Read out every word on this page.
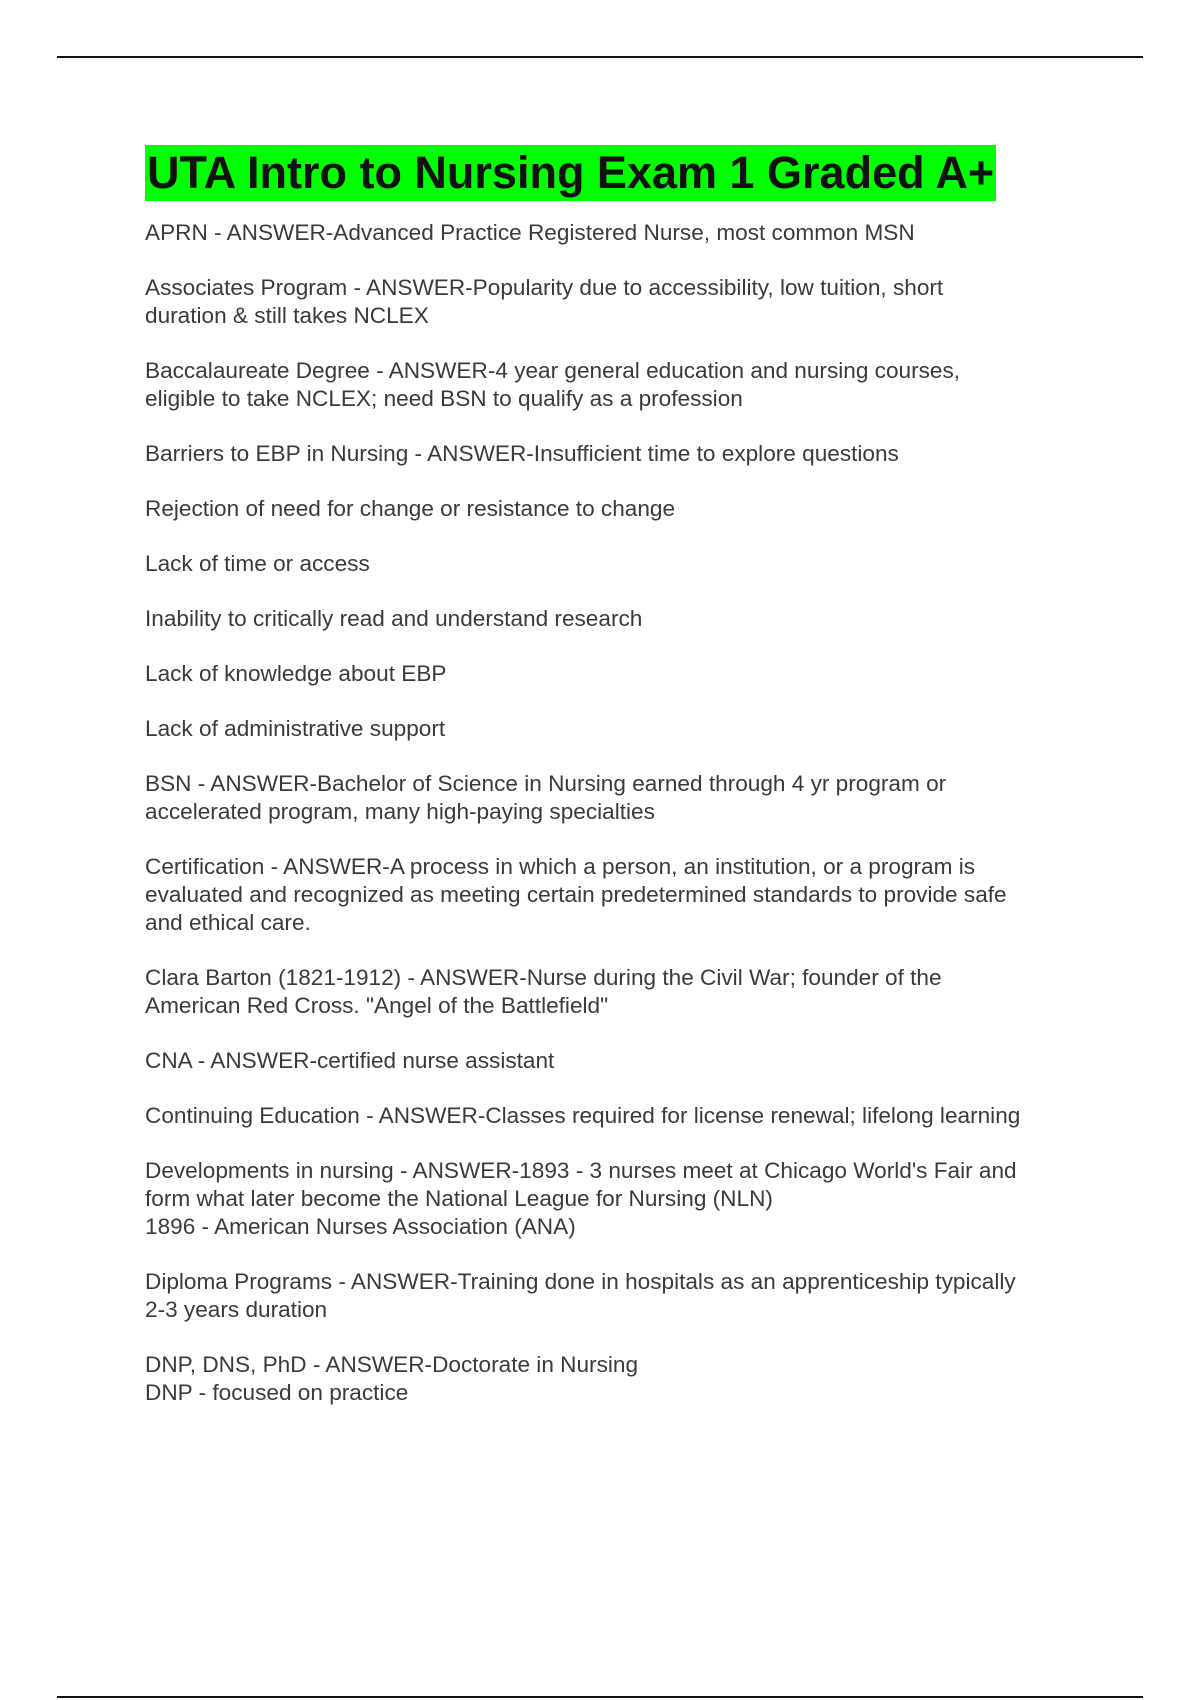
UTA Intro to Nursing Exam 1 Graded A+
APRN - ANSWER-Advanced Practice Registered Nurse, most common MSN
Associates Program - ANSWER-Popularity due to accessibility, low tuition, short
duration & still takes NCLEX
Baccalaureate Degree - ANSWER-4 year general education and nursing courses,
eligible to take NCLEX; need BSN to qualify as a profession
Barriers to EBP in Nursing - ANSWER-Insufficient time to explore questions
Rejection of need for change or resistance to change
Lack of time or access
Inability to critically read and understand research
Lack of knowledge about EBP
Lack of administrative support
BSN - ANSWER-Bachelor of Science in Nursing earned through 4 yr program or
accelerated program, many high-paying specialties
Certification - ANSWER-A process in which a person, an institution, or a program is
evaluated and recognized as meeting certain predetermined standards to provide safe
and ethical care.
Clara Barton (1821-1912) - ANSWER-Nurse during the Civil War; founder of the
American Red Cross. "Angel of the Battlefield"
CNA - ANSWER-certified nurse assistant
Continuing Education - ANSWER-Classes required for license renewal; lifelong learning
Developments in nursing - ANSWER-1893 - 3 nurses meet at Chicago World's Fair and
form what later become the National League for Nursing (NLN)
1896 - American Nurses Association (ANA)
Diploma Programs - ANSWER-Training done in hospitals as an apprenticeship typically
2-3 years duration
DNP, DNS, PhD - ANSWER-Doctorate in Nursing
DNP - focused on practice
